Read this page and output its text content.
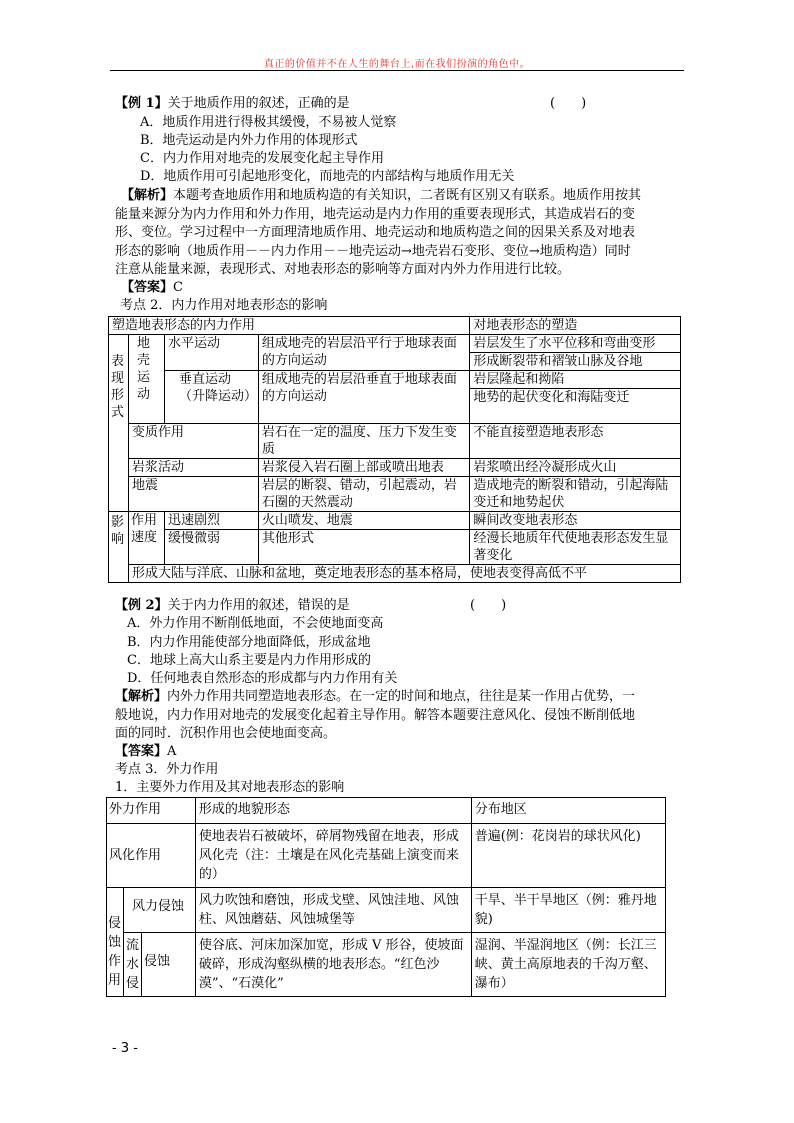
真正的价值并不在人生的舞台上,而在我们扮演的角色中。
【例 1】关于地质作用的叙述，正确的是	(　　)
A．地质作用进行得极其缓慢，不易被人觉察
B．地壳运动是内外力作用的体现形式
C．内力作用对地壳的发展变化起主导作用
D．地质作用可引起地形变化，而地壳的内部结构与地质作用无关
【解析】本题考查地质作用和地质构造的有关知识，二者既有区别又有联系。地质作用按其
能量来源分为内力作用和外力作用，地壳运动是内力作用的重要表现形式，其造成岩石的变
形、变位。学习过程中一方面理清地质作用、地壳运动和地质构造之间的因果关系及对地表
形态的影响（地质作用－－内力作用－－地壳运动→地壳岩石变形、变位→地质构造）同时
注意从能量来源，表现形式、对地表形态的影响等方面对内外力作用进行比较。
【答案】C
考点 2．内力作用对地表形态的影响
塑造地表形态的内力作用				对地表形态的塑造
表现形式	地壳运动	水平运动	组成地壳的岩层沿平行于地球表面的方向运动	岩层发生了水平位移和弯曲变形
				形成断裂带和褶皱山脉及谷地
		垂直运动（升降运动）	组成地壳的岩层沿垂直于地球表面的方向运动	岩层隆起和拗陷
				地势的起伏变化和海陆变迁
	变质作用		岩石在一定的温度、压力下发生变质	不能直接塑造地表形态
	岩浆活动		岩浆侵入岩石圈上部或喷出地表	岩浆喷出经冷凝形成火山
	地震		岩层的断裂、错动，引起震动，岩石圈的天然震动	造成地壳的断裂和错动，引起海陆变迁和地势起伏
影响	作用速度	迅速剧烈	火山喷发、地震	瞬间改变地表形态
		缓慢微弱	其他形式	经漫长地质年代使地表形态发生显著变化
	形成大陆与洋底、山脉和盆地，奠定地表形态的基本格局，使地表变得高低不平			
【例 2】关于内力作用的叙述，错误的是	(　　)
A．外力作用不断削低地面，不会使地面变高
B．内力作用能使部分地面降低，形成盆地
C．地球上高大山系主要是内力作用形成的
D．任何地表自然形态的形成都与内力作用有关
【解析】内外力作用共同塑造地表形态。在一定的时间和地点，往往是某一作用占优势，一
般地说，内力作用对地壳的发展变化起着主导作用。解答本题要注意风化、侵蚀不断削低地
面的同时．沉积作用也会使地面变高。
【答案】A
考点 3．外力作用
1．主要外力作用及其对地表形态的影响
外力作用			形成的地貌形态	分布地区
风化作用			使地表岩石被破坏，碎屑物残留在地表，形成风化壳（注：土壤是在风化壳基础上演变而来的）	普遍(例：花岗岩的球状风化)
侵蚀作用	风力侵蚀		风力吹蚀和磨蚀，形成戈壁、风蚀洼地、风蚀柱、风蚀蘑菇、风蚀城堡等	干旱、半干旱地区（例：雅丹地貌)
	流水侵	侵蚀	使谷底、河床加深加宽，形成 V 形谷，使坡面破碎，形成沟壑纵横的地表形态。“红色沙漠”、“石漠化”	湿润、半湿润地区（例：长江三峡、黄土高原地表的千沟万壑、瀑布）
- 3 -
